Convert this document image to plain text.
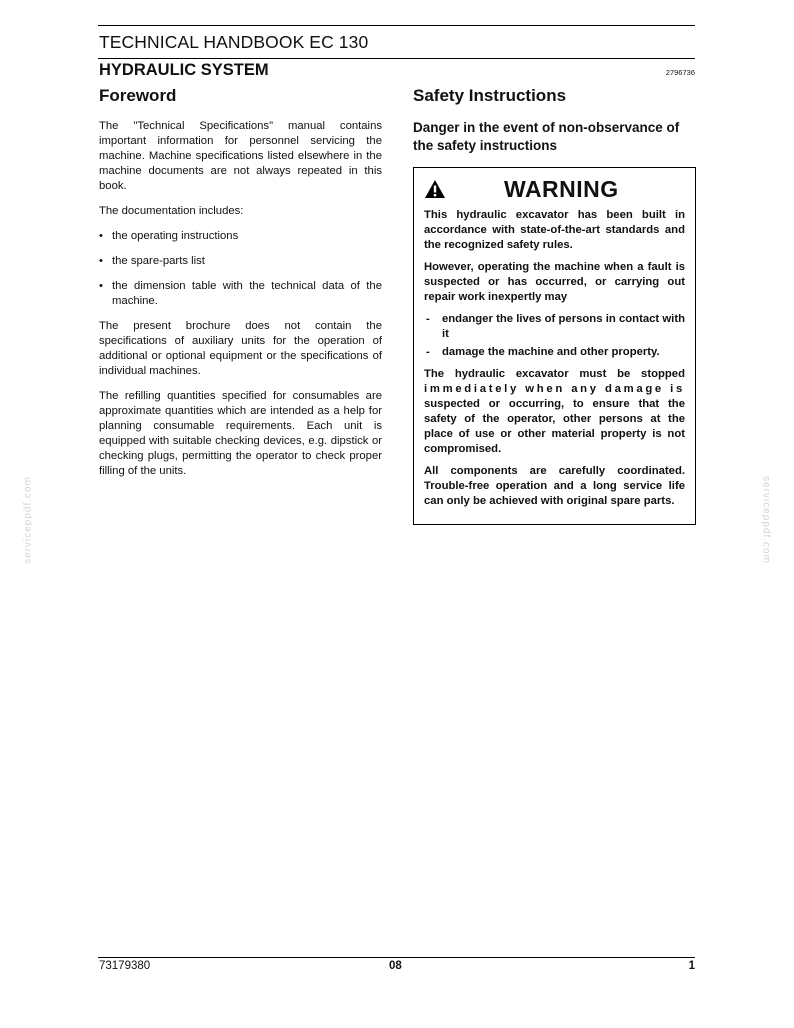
TECHNICAL HANDBOOK EC 130
HYDRAULIC SYSTEM	2796736
Foreword

The "Technical Specifications" manual contains important information for personnel servicing the machine. Machine specifications listed elsewhere in the machine documents are not always repeated in this book.

The documentation includes:

• the operating instructions
• the spare-parts list
• the dimension table with the technical data of the machine.

The present brochure does not contain the specifications of auxiliary units for the operation of additional or optional equipment or the specifications of individual machines.

The refilling quantities specified for consumables are approximate quantities which are intended as a help for planning consumable requirements. Each unit is equipped with suitable checking devices, e.g. dipstick or checking plugs, permitting the operator to check proper filling of the units.

Safety Instructions
Danger in the event of non-observance of the safety instructions
WARNING

This hydraulic excavator has been built in accordance with state-of-the-art standards and the recognized safety rules.

However, operating the machine when a fault is suspected or has occurred, or carrying out repair work inexpertly may

- endanger the lives of persons in contact with it
- damage the machine and other property.

The hydraulic excavator must be stopped immediately when any damage is suspected or occurring, to ensure that the safety of the operator, other persons at the place of use or other material property is not compromised.

All components are carefully coordinated. Trouble-free operation and a long service life can only be achieved with original spare parts.

serviceppdf.com	serviceppdf.com
73179380	08	1
